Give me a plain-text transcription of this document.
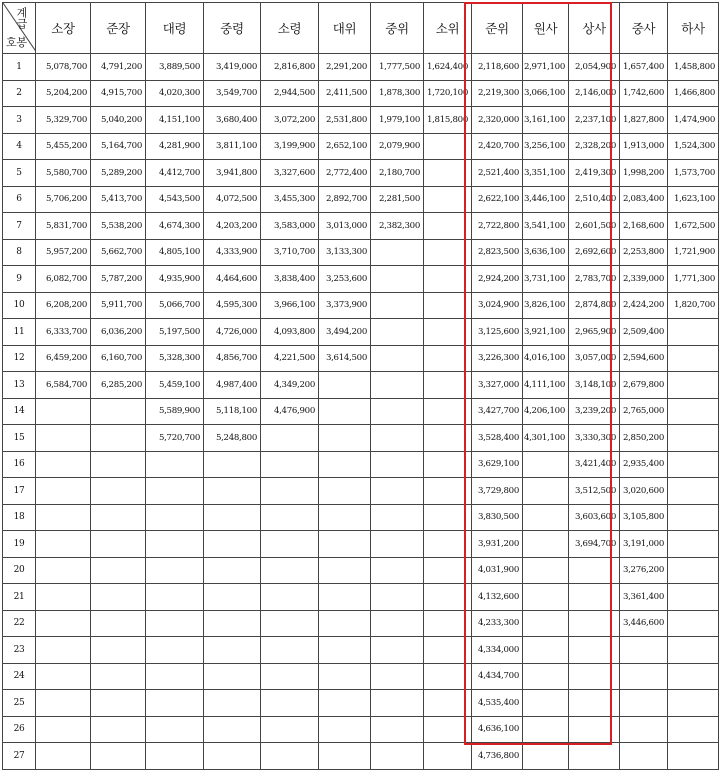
계급
호봉	소장	준장	대령	중령	소령	대위	중위	소위	준위	원사	상사	중사	하사
1	5,078,700	4,791,200	3,889,500	3,419,000	2,816,800	2,291,200	1,777,500	1,624,400	2,118,600	2,971,100	2,054,900	1,657,400	1,458,800
2	5,204,200	4,915,700	4,020,300	3,549,700	2,944,500	2,411,500	1,878,300	1,720,100	2,219,300	3,066,100	2,146,000	1,742,600	1,466,800
3	5,329,700	5,040,200	4,151,100	3,680,400	3,072,200	2,531,800	1,979,100	1,815,800	2,320,000	3,161,100	2,237,100	1,827,800	1,474,900
4	5,455,200	5,164,700	4,281,900	3,811,100	3,199,900	2,652,100	2,079,900		2,420,700	3,256,100	2,328,200	1,913,000	1,524,300
5	5,580,700	5,289,200	4,412,700	3,941,800	3,327,600	2,772,400	2,180,700		2,521,400	3,351,100	2,419,300	1,998,200	1,573,700
6	5,706,200	5,413,700	4,543,500	4,072,500	3,455,300	2,892,700	2,281,500		2,622,100	3,446,100	2,510,400	2,083,400	1,623,100
7	5,831,700	5,538,200	4,674,300	4,203,200	3,583,000	3,013,000	2,382,300		2,722,800	3,541,100	2,601,500	2,168,600	1,672,500
8	5,957,200	5,662,700	4,805,100	4,333,900	3,710,700	3,133,300			2,823,500	3,636,100	2,692,600	2,253,800	1,721,900
9	6,082,700	5,787,200	4,935,900	4,464,600	3,838,400	3,253,600			2,924,200	3,731,100	2,783,700	2,339,000	1,771,300
10	6,208,200	5,911,700	5,066,700	4,595,300	3,966,100	3,373,900			3,024,900	3,826,100	2,874,800	2,424,200	1,820,700
11	6,333,700	6,036,200	5,197,500	4,726,000	4,093,800	3,494,200			3,125,600	3,921,100	2,965,900	2,509,400	
12	6,459,200	6,160,700	5,328,300	4,856,700	4,221,500	3,614,500			3,226,300	4,016,100	3,057,000	2,594,600	
13	6,584,700	6,285,200	5,459,100	4,987,400	4,349,200				3,327,000	4,111,100	3,148,100	2,679,800	
14			5,589,900	5,118,100	4,476,900				3,427,700	4,206,100	3,239,200	2,765,000	
15			5,720,700	5,248,800					3,528,400	4,301,100	3,330,300	2,850,200	
16									3,629,100		3,421,400	2,935,400	
17									3,729,800		3,512,500	3,020,600	
18									3,830,500		3,603,600	3,105,800	
19									3,931,200		3,694,700	3,191,000	
20									4,031,900			3,276,200	
21									4,132,600			3,361,400	
22									4,233,300			3,446,600	
23									4,334,000				
24									4,434,700				
25									4,535,400				
26									4,636,100				
27									4,736,800				
